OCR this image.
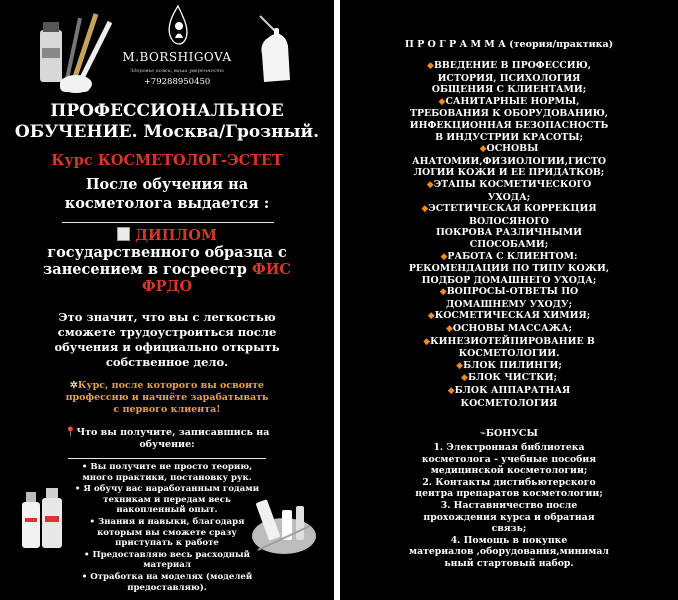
M.BORSHIGOVA
Здоровье кожи, ваша уверенность
+79288950450
ПРОФЕССИОНАЛЬНОЕ
ОБУЧЕНИЕ. Москва/Грозный.
Курс КОСМЕТОЛОГ-ЭСТЕТ
После обучения на
косметолога выдается :
ДИПЛОМ
государственного образца с
занесением в госреестр ФИС
ФРДО
Это значит, что вы с легкостью
сможете трудоустроиться после
обучения и официально открыть
собственное дело.
✲Курс, после которого вы освоите
профессию и начнёте зарабатывать
с первого клиента!
📍Что вы получите, записавшись на
обучение:
• Вы получите не просто теорию,
много практики, постановку рук.
• Я обучу вас наработанным годами
техникам и передам весь
накопленный опыт.
• Знания и навыки, благодаря
которым вы сможете сразу
приступать к работе
• Предоставляю весь расходный
материал
• Отработка на моделях (моделей
предоставляю).
П Р О Г Р А М М А (теория/практика)
◆ВВЕДЕНИЕ В ПРОФЕССИЮ,
ИСТОРИЯ, ПСИХОЛОГИЯ
ОБЩЕНИЯ С КЛИЕНТАМИ;
◆САНИТАРНЫЕ НОРМЫ,
ТРЕБОВАНИЯ К ОБОРУДОВАНИЮ,
ИНФЕКЦИОННАЯ БЕЗОПАСНОСТЬ
В ИНДУСТРИИ КРАСОТЫ;
◆ОСНОВЫ
АНАТОМИИ,ФИЗИОЛОГИИ,ГИСТО
ЛОГИИ КОЖИ И ЕЕ ПРИДАТКОВ;
◆ЭТАПЫ КОСМЕТИЧЕСКОГО
УХОДА;
◆ЭСТЕТИЧЕСКАЯ КОРРЕКЦИЯ
ВОЛОСЯНОГО
ПОКРОВА РАЗЛИЧНЫМИ
СПОСОБАМИ;
◆РАБОТА С КЛИЕНТОМ:
РЕКОМЕНДАЦИИ ПО ТИПУ КОЖИ,
ПОДБОР ДОМАШНЕГО УХОДА;
◆ВОПРОСЫ-ОТВЕТЫ ПО
ДОМАШНЕМУ УХОДУ;
◆КОСМЕТИЧЕСКАЯ ХИМИЯ;
◆ОСНОВЫ МАССАЖА;
◆КИНЕЗИОТЕЙПИРОВАНИЕ В
КОСМЕТОЛОГИИ.
◆БЛОК ПИЛИНГИ;
◆БЛОК ЧИСТКИ;
◆БЛОК АППАРАТНАЯ
КОСМЕТОЛОГИЯ
⌁БОНУСЫ
1. Электронная библиотека
косметолога - учебные пособия
медицинской косметологии;
2. Контакты дистибьютерского
центра препаратов косметологии;
3. Наставничество после
прохождения курса и обратная
связь;
4. Помощь в покупке
материалов ,оборудования,минимал
ьный стартовый набор.
